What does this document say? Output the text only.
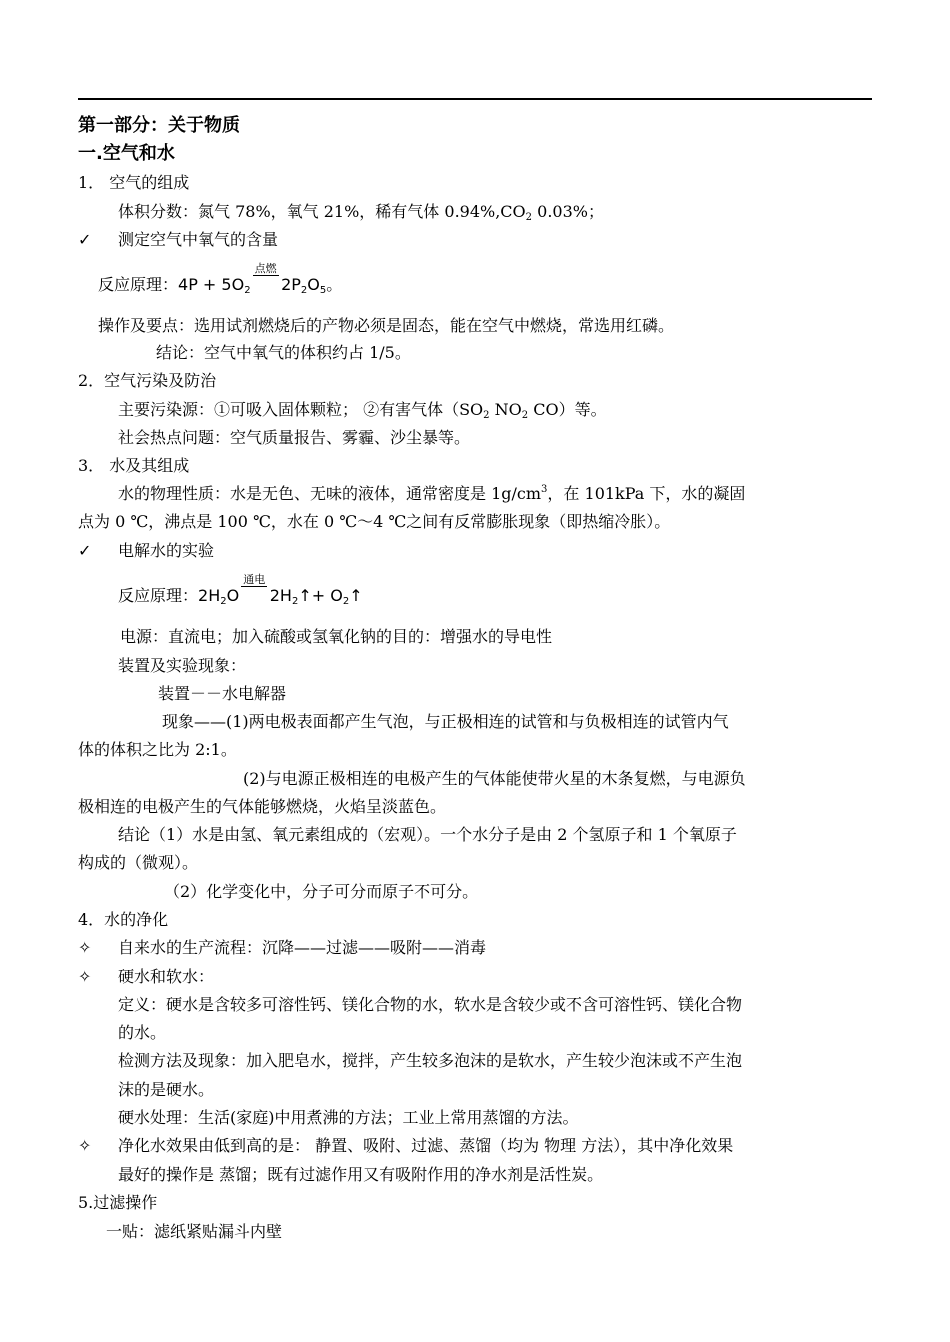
第一部分：关于物质
一.空气和水
1． 空气的组成
体积分数：氮气 78%，氧气 21%，稀有气体 $0.94\%,CO_2$ 0.03%；
✓ 测定空气中氧气的含量
反应原理：$4P + 5O_2$
点燃
$2P_2O_5$。
操作及要点：选用试剂燃烧后的产物必须是固态，能在空气中燃烧，常选用红磷。
结论：空气中氧气的体积约占 1/5。
2．空气污染及防治
主要污染源：①可吸入固体颗粒； ②有害气体（$SO_2$ $NO_2$ CO）等。
社会热点问题：空气质量报告、雾霾、沙尘暴等。
3． 水及其组成
水的物理性质：水是无色、无味的液体，通常密度是 $1g/cm^3$，在 101kPa 下，水的凝固
点为 0 ℃，沸点是 100 ℃，水在 0 ℃～4 ℃之间有反常膨胀现象（即热缩冷胀）。
✓ 电解水的实验
反应原理：$2H_2O$
通电
$2H_2↑+$ $O_2↑$
电源：直流电；加入硫酸或氢氧化钠的目的：增强水的导电性
装置及实验现象：
装置－－水电解器
现象——(1)两电极表面都产生气泡，与正极相连的试管和与负极相连的试管内气
体的体积之比为 2:1。
(2)与电源正极相连的电极产生的气体能使带火星的木条复燃，与电源负
极相连的电极产生的气体能够燃烧，火焰呈淡蓝色。
结论（1）水是由氢、氧元素组成的（宏观）。一个水分子是由 2 个氢原子和 1 个氧原子
构成的（微观）。
（2）化学变化中，分子可分而原子不可分。
4．水的净化
✧ 自来水的生产流程：沉降——过滤——吸附——消毒
✧ 硬水和软水：
定义：硬水是含较多可溶性钙、镁化合物的水，软水是含较少或不含可溶性钙、镁化合物
的水。
检测方法及现象：加入肥皂水，搅拌，产生较多泡沫的是软水，产生较少泡沫或不产生泡
沫的是硬水。
硬水处理：生活(家庭)中用煮沸的方法；工业上常用蒸馏的方法。
✧ 净化水效果由低到高的是： 静置、吸附、过滤、蒸馏（均为 物理 方法），其中净化效果
最好的操作是 蒸馏；既有过滤作用又有吸附作用的净水剂是活性炭。
5.过滤操作
一贴：滤纸紧贴漏斗内壁
